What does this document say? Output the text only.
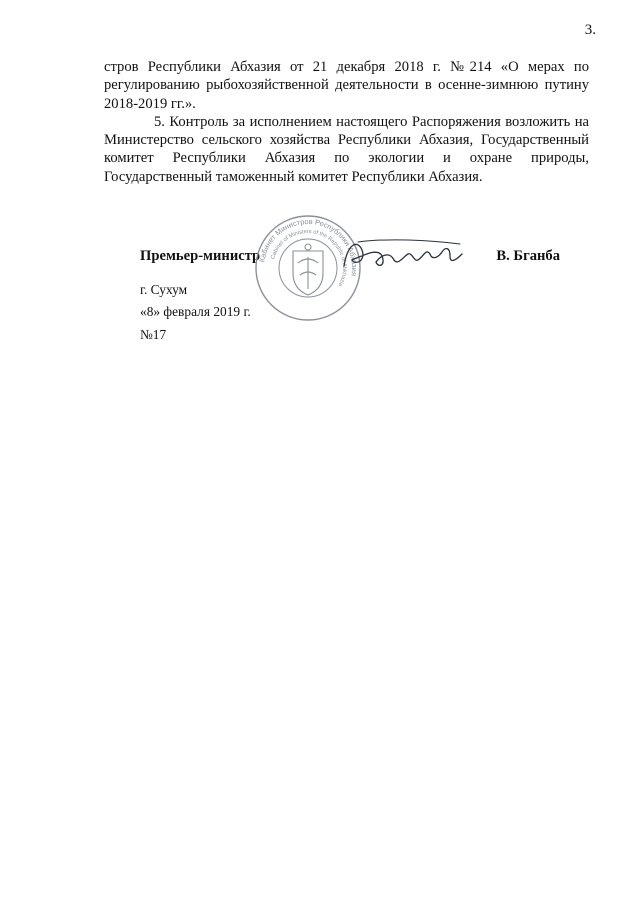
3.

стров Республики Абхазия от 21 декабря 2018 г. №214 «О мерах по регулированию рыбохозяйственной деятельности в осенне-зимнюю путину 2018-2019 гг.».

5. Контроль за исполнением настоящего Распоряжения возложить на Министерство сельского хозяйства Республики Абхазия, Государственный комитет Республики Абхазия по экологии и охране природы, Государственный таможенный комитет Республики Абхазия.

Премьер-министр	В. Бганба
Кабинет Министров Республики Абхазия
Cabinet of Ministers of the Republic of Abkhazia
г. Сухум
«8» февраля 2019 г.
№17
